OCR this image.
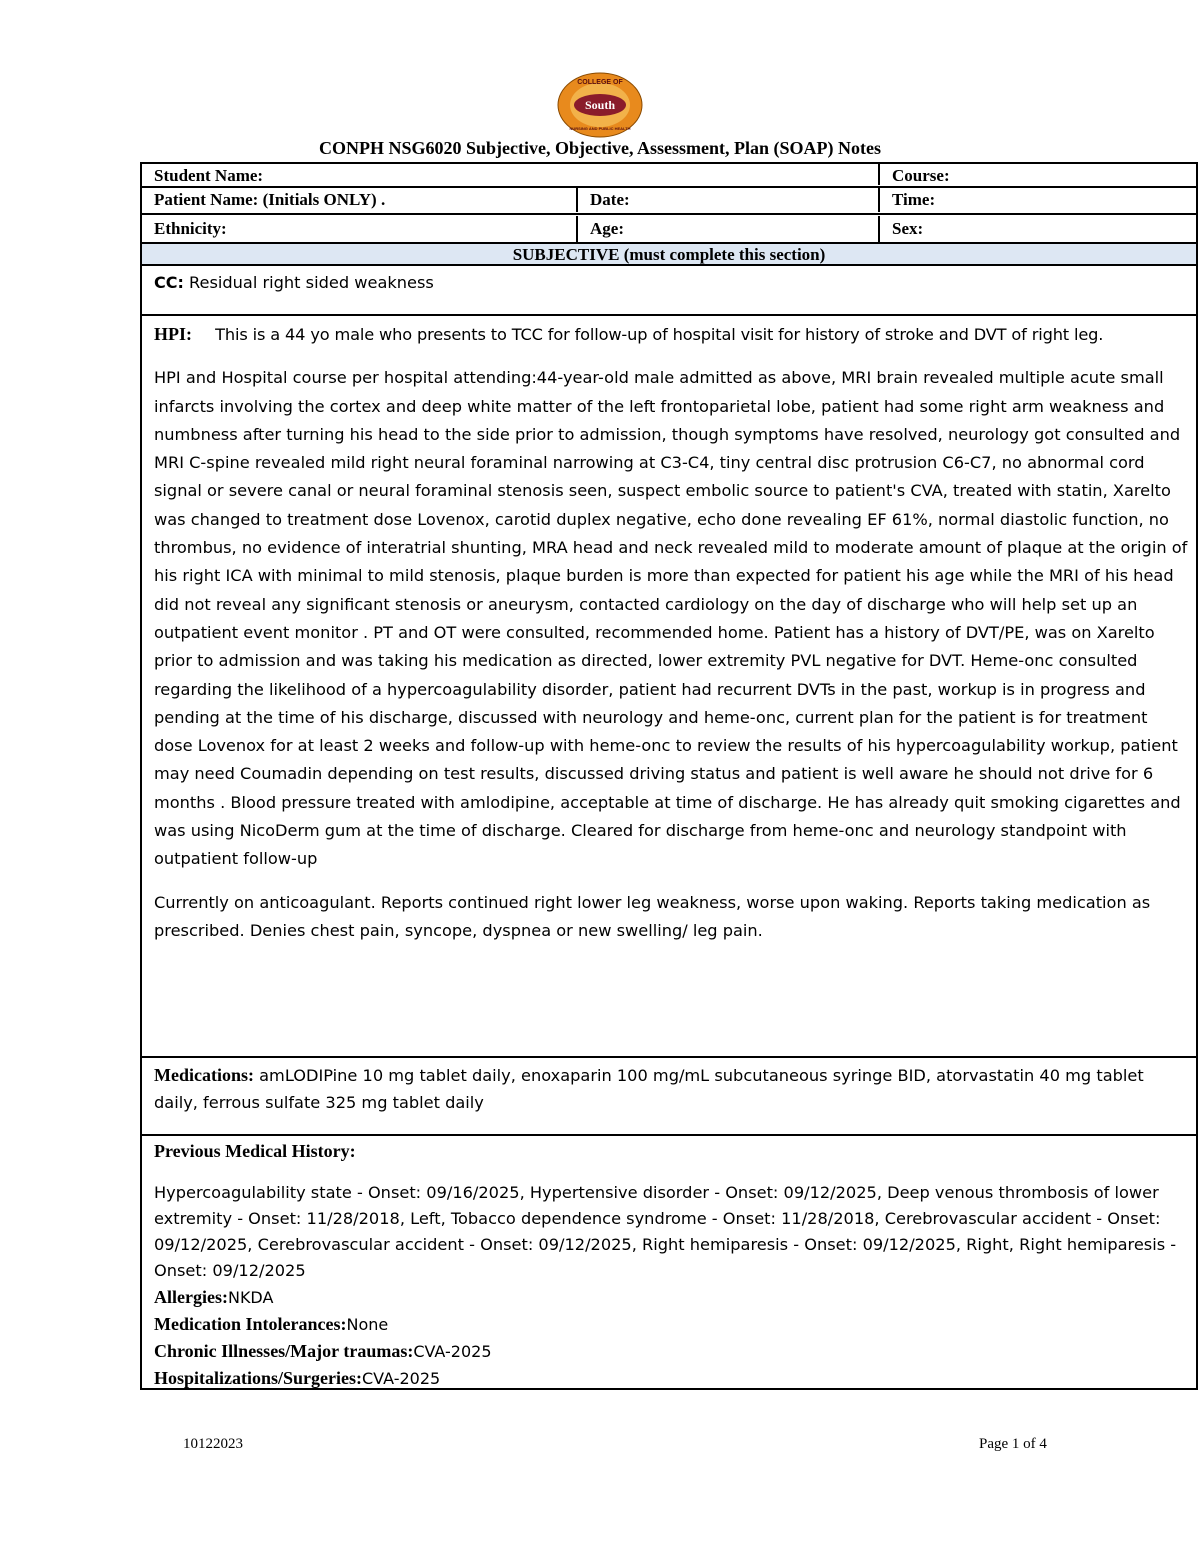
COLLEGE OF
South
NURSING AND PUBLIC HEALTH
CONPH NSG6020 Subjective, Objective, Assessment, Plan (SOAP) Notes
Student Name:	Course:
Patient Name: (Initials ONLY) .	Date:	Time:
Ethnicity:	Age:	Sex:
SUBJECTIVE (must complete this section)
CC: Residual right sided weakness
HPI: This is a 44 yo male who presents to TCC for follow-up of hospital visit for history of stroke and DVT of right leg.
HPI and Hospital course per hospital attending:44-year-old male admitted as above, MRI brain revealed multiple acute small infarcts involving the cortex and deep white matter of the left frontoparietal lobe, patient had some right arm weakness and numbness after turning his head to the side prior to admission, though symptoms have resolved, neurology got consulted and MRI C-spine revealed mild right neural foraminal narrowing at C3-C4, tiny central disc protrusion C6-C7, no abnormal cord signal or severe canal or neural foraminal stenosis seen, suspect embolic source to patient's CVA, treated with statin, Xarelto was changed to treatment dose Lovenox, carotid duplex negative, echo done revealing EF 61%, normal diastolic function, no thrombus, no evidence of interatrial shunting, MRA head and neck revealed mild to moderate amount of plaque at the origin of his right ICA with minimal to mild stenosis, plaque burden is more than expected for patient his age while the MRI of his head did not reveal any significant stenosis or aneurysm, contacted cardiology on the day of discharge who will help set up an outpatient event monitor . PT and OT were consulted, recommended home. Patient has a history of DVT/PE, was on Xarelto prior to admission and was taking his medication as directed, lower extremity PVL negative for DVT. Heme-onc consulted regarding the likelihood of a hypercoagulability disorder, patient had recurrent DVTs in the past, workup is in progress and pending at the time of his discharge, discussed with neurology and heme-onc, current plan for the patient is for treatment dose Lovenox for at least 2 weeks and follow-up with heme-onc to review the results of his hypercoagulability workup, patient may need Coumadin depending on test results, discussed driving status and patient is well aware he should not drive for 6 months . Blood pressure treated with amlodipine, acceptable at time of discharge. He has already quit smoking cigarettes and was using NicoDerm gum at the time of discharge. Cleared for discharge from heme-onc and neurology standpoint with outpatient follow-up
Currently on anticoagulant. Reports continued right lower leg weakness, worse upon waking. Reports taking medication as prescribed. Denies chest pain, syncope, dyspnea or new swelling/ leg pain.
Medications: amLODIPine 10 mg tablet daily, enoxaparin 100 mg/mL subcutaneous syringe BID, atorvastatin 40 mg tablet daily, ferrous sulfate 325 mg tablet daily
Previous Medical History:
Hypercoagulability state - Onset: 09/16/2025, Hypertensive disorder - Onset: 09/12/2025, Deep venous thrombosis of lower extremity - Onset: 11/28/2018, Left, Tobacco dependence syndrome - Onset: 11/28/2018, Cerebrovascular accident - Onset: 09/12/2025, Cerebrovascular accident - Onset: 09/12/2025, Right hemiparesis - Onset: 09/12/2025, Right, Right hemiparesis - Onset: 09/12/2025
Allergies:NKDA
Medication Intolerances:None
Chronic Illnesses/Major traumas:CVA-2025
Hospitalizations/Surgeries:CVA-2025
10122023	Page 1 of 4
